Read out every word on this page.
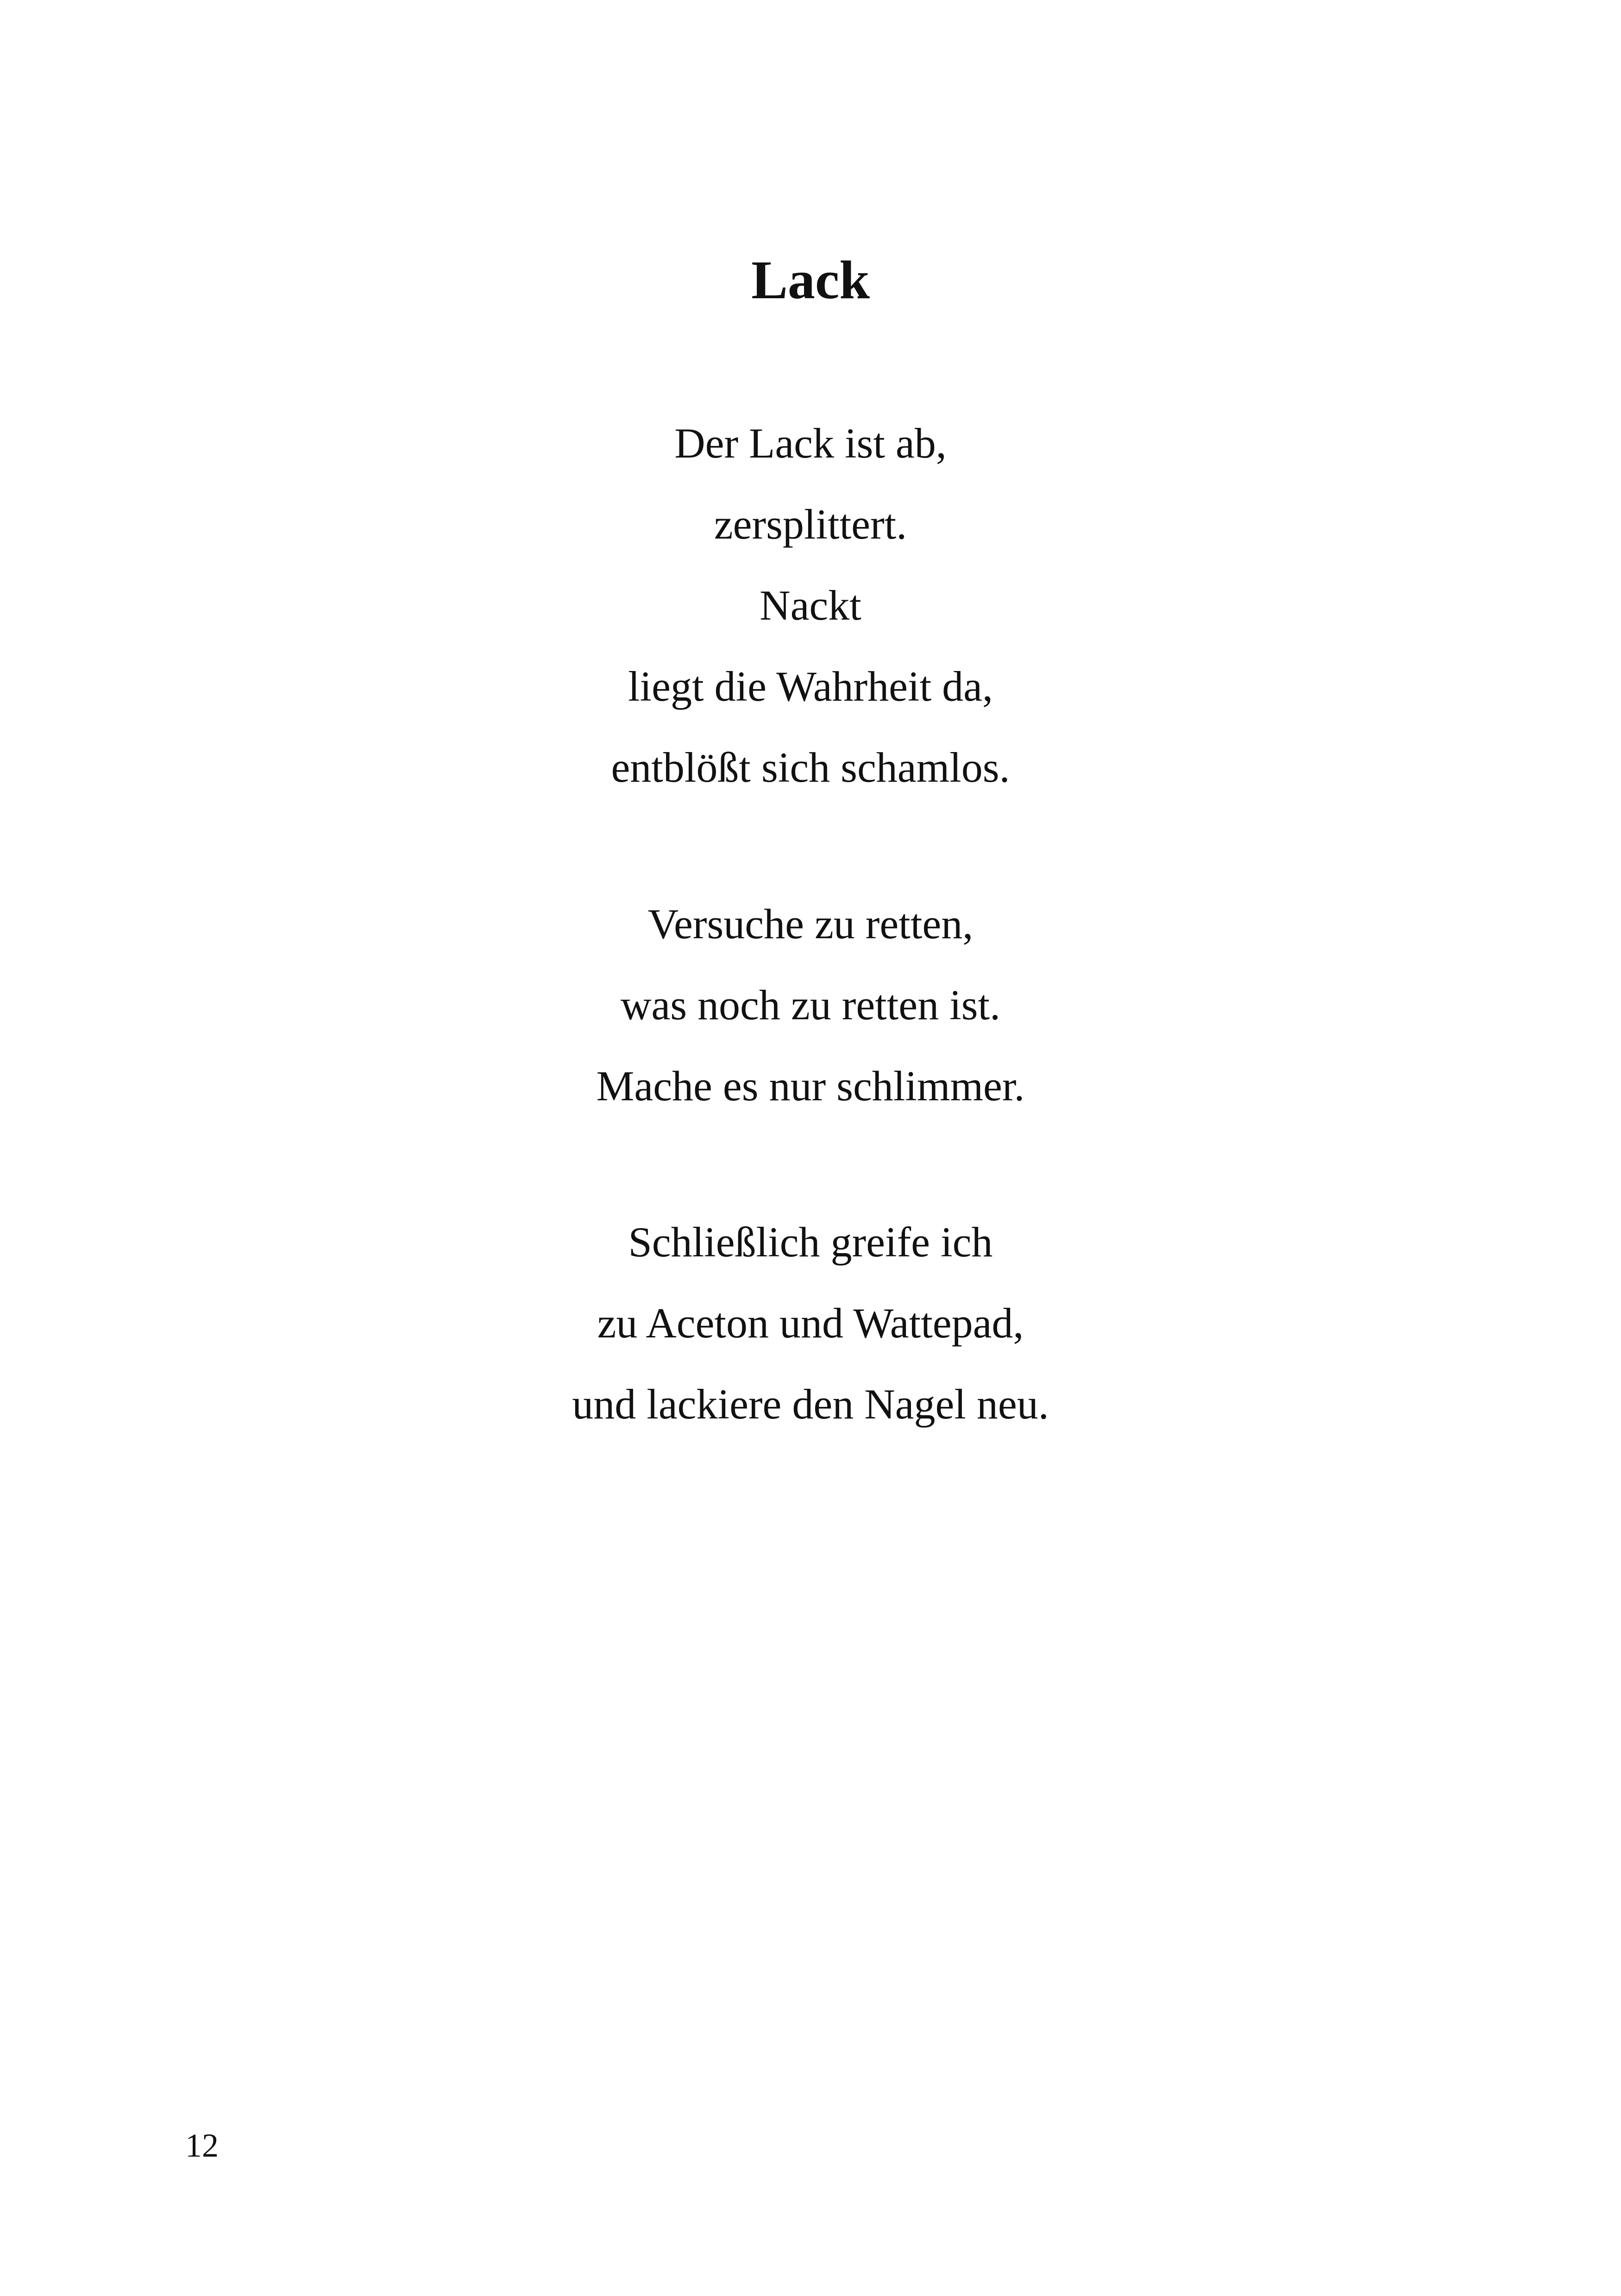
Lack
Der Lack ist ab,
zersplittert.
Nackt
liegt die Wahrheit da,
entblößt sich schamlos.
Versuche zu retten,
was noch zu retten ist.
Mache es nur schlimmer.
Schließlich greife ich
zu Aceton und Wattepad,
und lackiere den Nagel neu.
12
